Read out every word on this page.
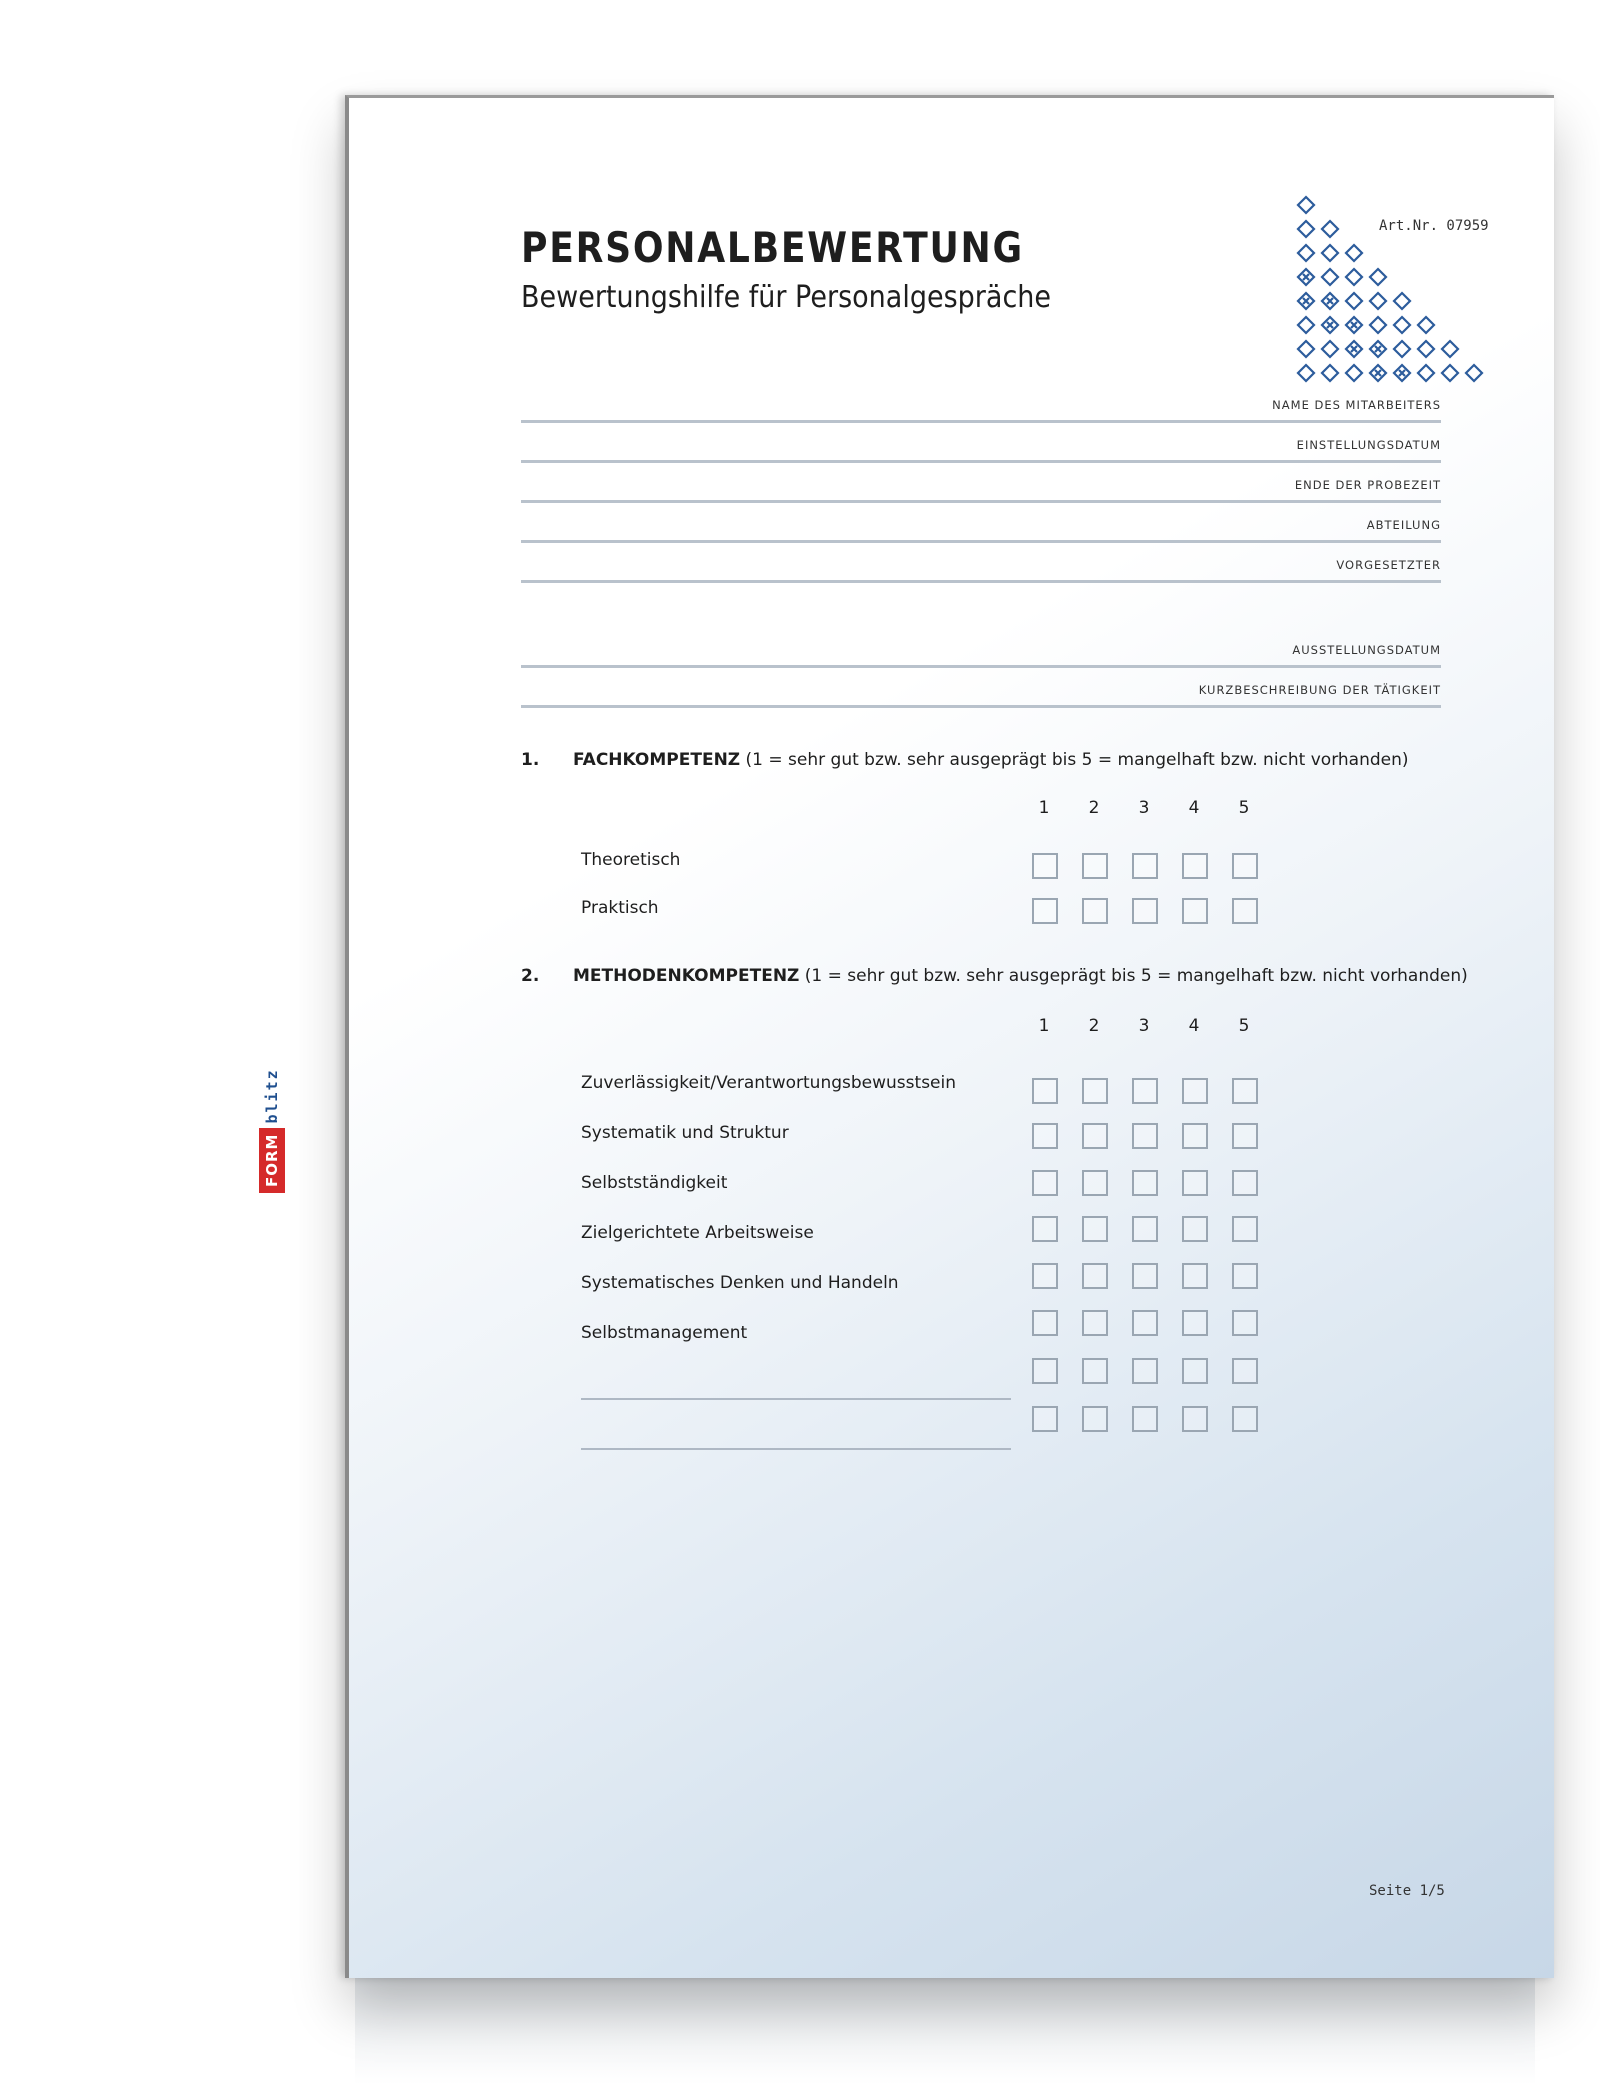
PERSONALBEWERTUNG
Bewertungshilfe für Personalgespräche
Art.Nr. 07959
NAME DES MITARBEITERS
EINSTELLUNGSDATUM
ENDE DER PROBEZEIT
ABTEILUNG
VORGESETZTER
AUSSTELLUNGSDATUM
KURZBESCHREIBUNG DER TÄTIGKEIT
1. FACHKOMPETENZ (1 = sehr gut bzw. sehr ausgeprägt bis 5 = mangelhaft bzw. nicht vorhanden)
1	2	3	4	5
Theoretisch
Praktisch
2. METHODENKOMPETENZ (1 = sehr gut bzw. sehr ausgeprägt bis 5 = mangelhaft bzw. nicht vorhanden)
1	2	3	4	5
Zuverlässigkeit/Verantwortungsbewusstsein
Systematik und Struktur
Selbstständigkeit
Zielgerichtete Arbeitsweise
Systematisches Denken und Handeln
Selbstmanagement
Seite 1/5
FORMblitz
